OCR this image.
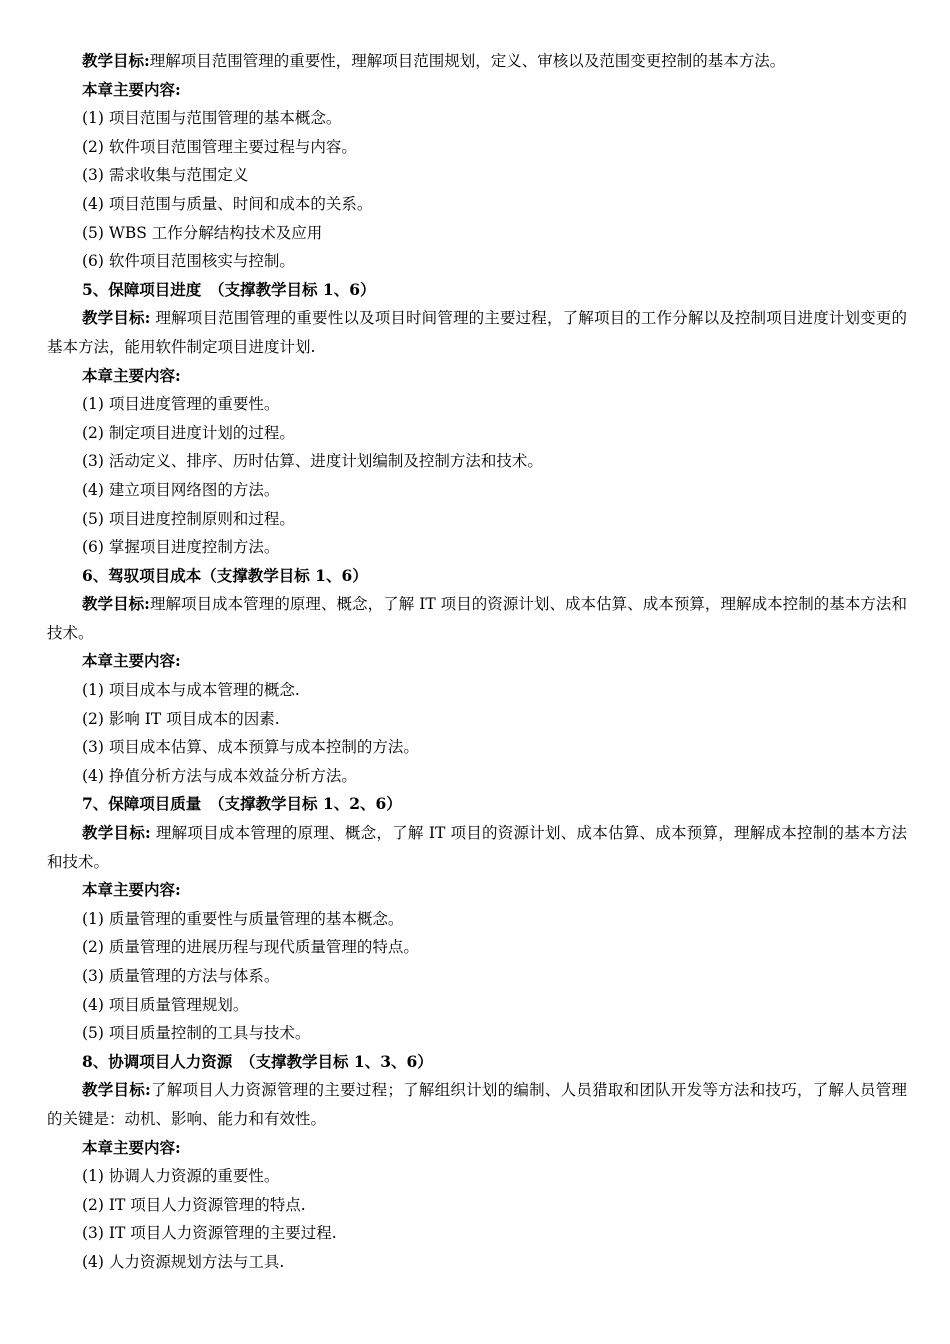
教学目标:理解项目范围管理的重要性，理解项目范围规划，定义、审核以及范围变更控制的基本方法。
本章主要内容:
(1) 项目范围与范围管理的基本概念。
(2) 软件项目范围管理主要过程与内容。
(3) 需求收集与范围定义
(4) 项目范围与质量、时间和成本的关系。
(5) WBS 工作分解结构技术及应用
(6) 软件项目范围核实与控制。
5、保障项目进度　（支撑教学目标 1、6）
教学目标: 理解项目范围管理的重要性以及项目时间管理的主要过程，了解项目的工作分解以及控制项目进度计划变更的基本方法，能用软件制定项目进度计划.
本章主要内容:
(1) 项目进度管理的重要性。
(2) 制定项目进度计划的过程。
(3) 活动定义、排序、历时估算、进度计划编制及控制方法和技术。
(4) 建立项目网络图的方法。
(5) 项目进度控制原则和过程。
(6) 掌握项目进度控制方法。
6、驾驭项目成本（支撑教学目标 1、6）
教学目标:理解项目成本管理的原理、概念，了解 IT 项目的资源计划、成本估算、成本预算，理解成本控制的基本方法和技术。
本章主要内容:
(1) 项目成本与成本管理的概念.
(2) 影响 IT 项目成本的因素.
(3) 项目成本估算、成本预算与成本控制的方法。
(4) 挣值分析方法与成本效益分析方法。
7、保障项目质量　（支撑教学目标 1、2、6）
教学目标: 理解项目成本管理的原理、概念，了解 IT 项目的资源计划、成本估算、成本预算，理解成本控制的基本方法和技术。
本章主要内容:
(1) 质量管理的重要性与质量管理的基本概念。
(2) 质量管理的进展历程与现代质量管理的特点。
(3) 质量管理的方法与体系。
(4) 项目质量管理规划。
(5) 项目质量控制的工具与技术。
8、协调项目人力资源　（支撑教学目标 1、3、6）
教学目标:了解项目人力资源管理的主要过程；了解组织计划的编制、人员猎取和团队开发等方法和技巧，了解人员管理的关键是：动机、影响、能力和有效性。
本章主要内容:
(1) 协调人力资源的重要性。
(2) IT 项目人力资源管理的特点.
(3) IT 项目人力资源管理的主要过程.
(4) 人力资源规划方法与工具.
